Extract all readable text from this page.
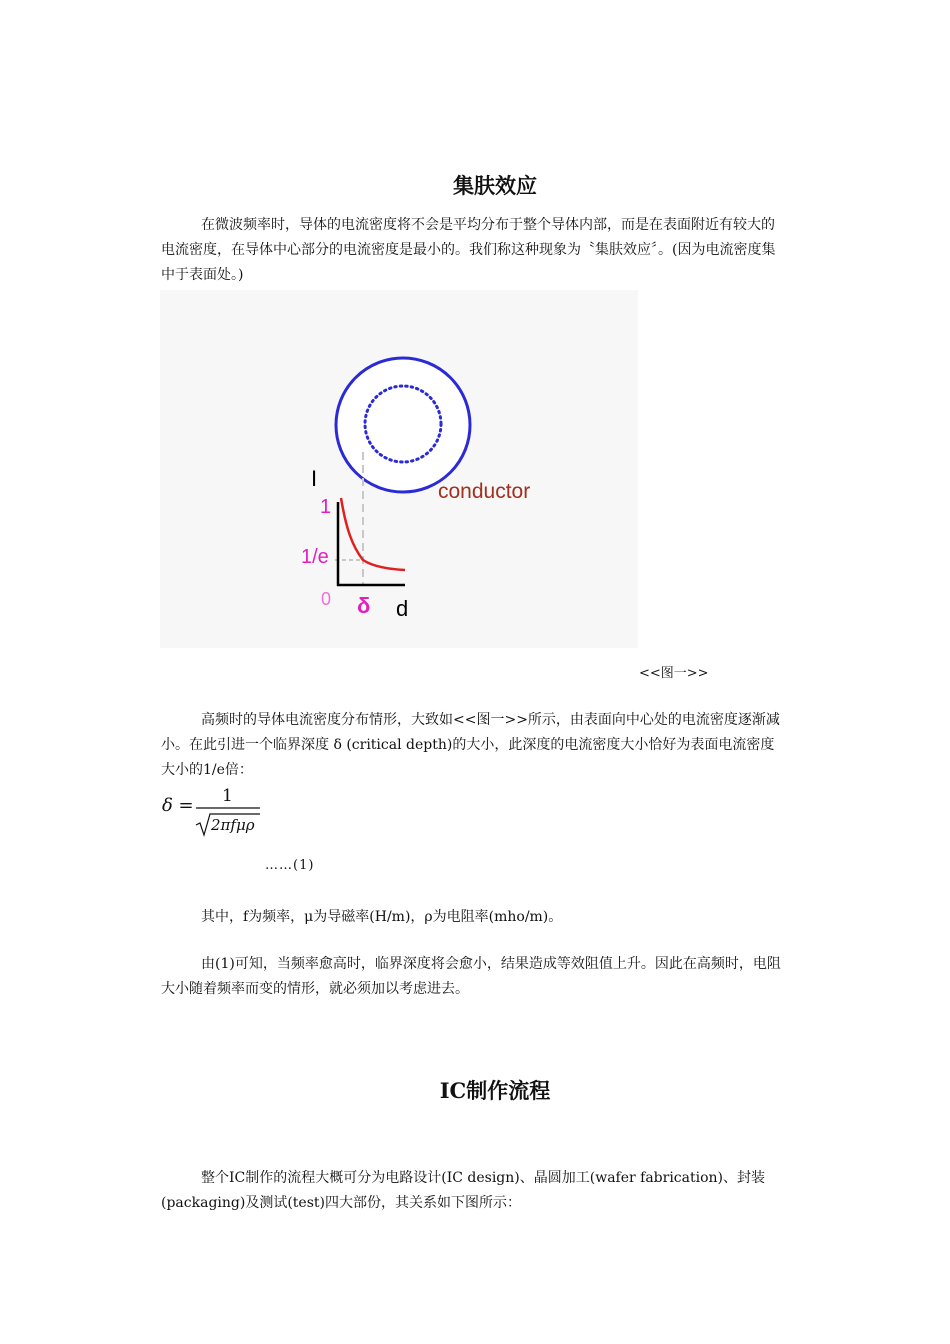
集肤效应
在微波频率时，导体的电流密度将不会是平均分布于整个导体内部，而是在表面附近有较大的电流密度，在导体中心部分的电流密度是最小的。我们称这种现象为〝集肤效应〞。(因为电流密度集中于表面处。)
I
1
1/e
0 δ d
conductor
<<图一>>
高频时的导体电流密度分布情形，大致如<<图一>>所示，由表面向中心处的电流密度逐渐减小。在此引进一个临界深度 δ (critical depth)的大小，此深度的电流密度大小恰好为表面电流密度大小的1/e倍：
δ = 1
2πfμρ
……(1)
其中，f为频率，μ为导磁率(H/m)，ρ为电阻率(mho/m)。
由(1)可知，当频率愈高时，临界深度将会愈小，结果造成等效阻值上升。因此在高频时，电阻大小随着频率而变的情形，就必须加以考虑进去。
IC制作流程
整个IC制作的流程大概可分为电路设计(IC design)、晶圆加工(wafer fabrication)、封装(packaging)及测试(test)四大部份，其关系如下图所示：
